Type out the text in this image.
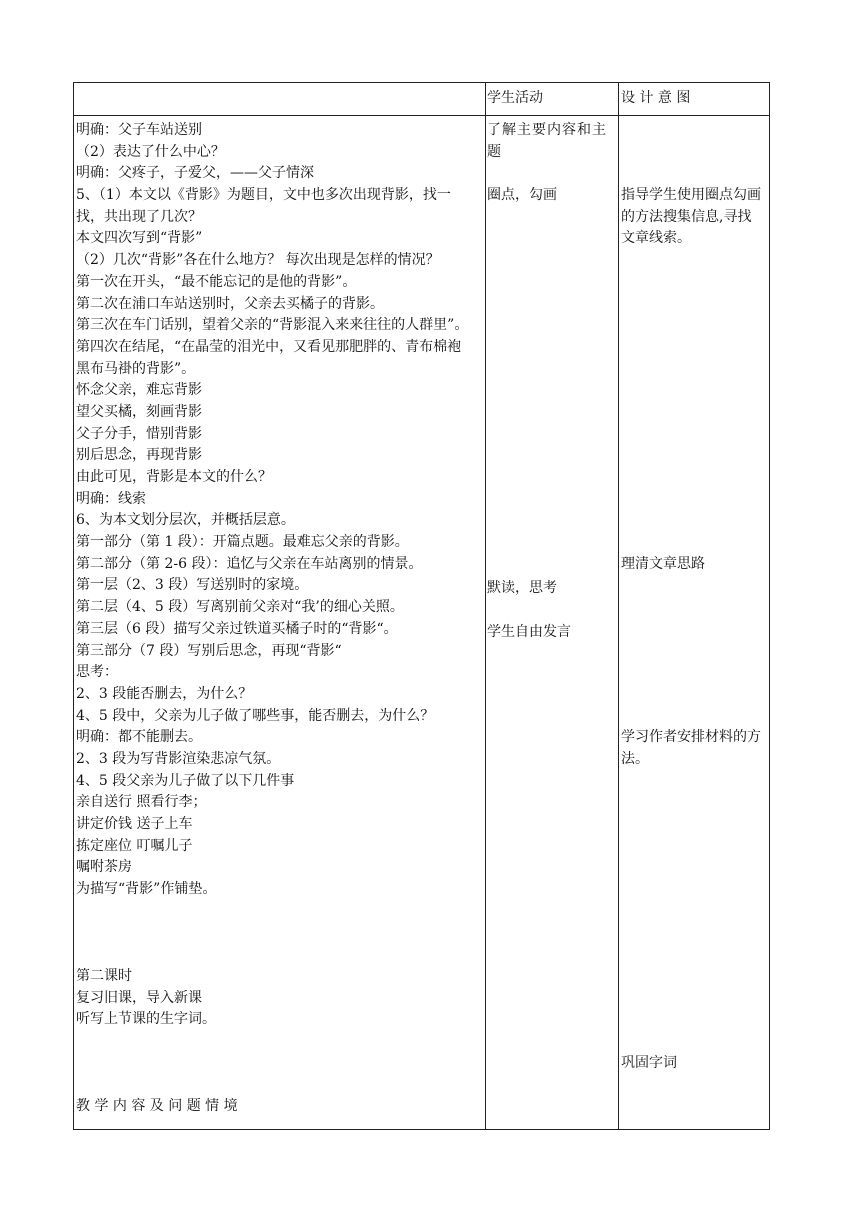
学生活动	设 计 意 图
明确：父子车站送别
（2）表达了什么中心？
明确：父疼子，子爱父，——父子情深
5、（1）本文以《背影》为题目，文中也多次出现背影，找一
找，共出现了几次？
本文四次写到“背影”
（2）几次“背影”各在什么地方？ 每次出现是怎样的情况？
第一次在开头，“最不能忘记的是他的背影”。
第二次在浦口车站送别时，父亲去买橘子的背影。
第三次在车门话别，望着父亲的“背影混入来来往往的人群里”。
第四次在结尾，“在晶莹的泪光中，又看见那肥胖的、青布棉袍
黑布马褂的背影”。
怀念父亲，难忘背影
望父买橘，刻画背影
父子分手，惜别背影
别后思念，再现背影
由此可见，背影是本文的什么？
明确：线索
6、为本文划分层次，并概括层意。
第一部分（第 1 段）：开篇点题。最难忘父亲的背影。
第二部分（第 2-6 段）：追忆与父亲在车站离别的情景。
第一层（2、3 段）写送别时的家境。
第二层（4、5 段）写离别前父亲对“我’的细心关照。
第三层（6 段）描写父亲过铁道买橘子时的“背影“。
第三部分（7 段）写别后思念，再现“背影“
思考：
2、3 段能否删去，为什么？
4、5 段中，父亲为儿子做了哪些事，能否删去，为什么？
明确：都不能删去。
2、3 段为写背影渲染悲凉气氛。
4、5 段父亲为儿子做了以下几件事
亲自送行 照看行李；
讲定价钱 送子上车
拣定座位 叮嘱儿子
嘱咐茶房
为描写“背影”作铺垫。
第二课时
复习旧课，导入新课
听写上节课的生字词。
教 学 内 容 及 问 题 情 境
了解主要内容和主
题
圈点，勾画
默读，思考
学生自由发言
指导学生使用圈点勾画
的方法搜集信息,寻找
文章线索。
理清文章思路
学习作者安排材料的方
法。
巩固字词
